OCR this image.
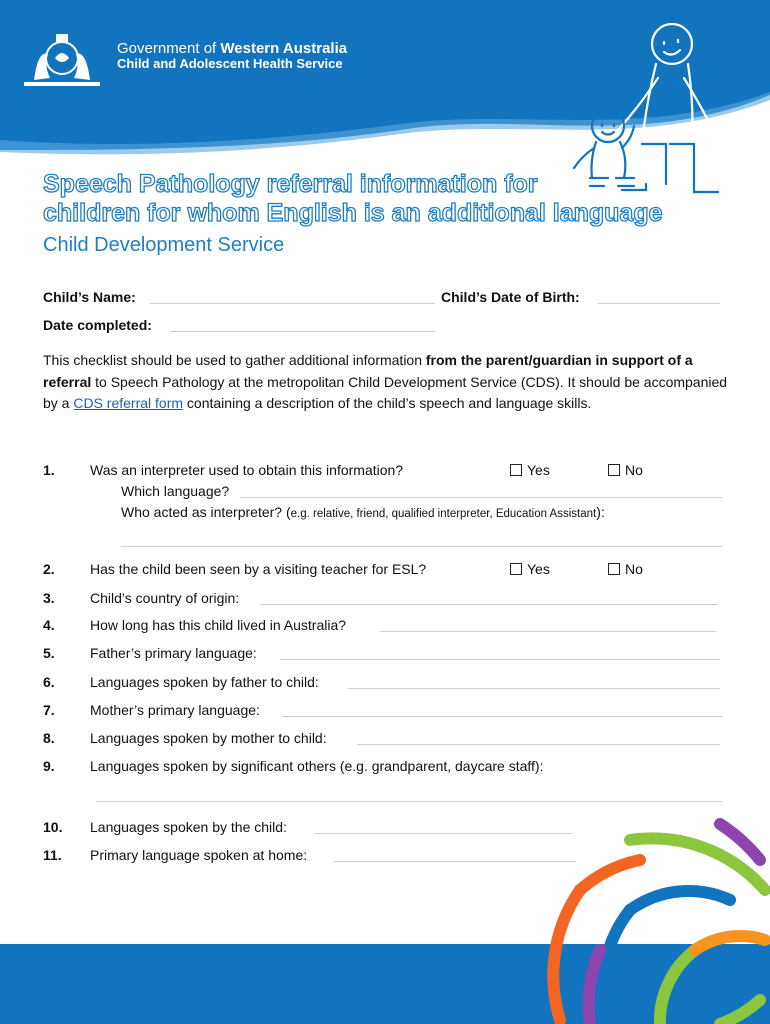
Government of Western Australia
Child and Adolescent Health Service
Speech Pathology referral information for
children for whom English is an additional language
Child Development Service
Child’s Name:	Child’s Date of Birth:
Date completed:
This checklist should be used to gather additional information from the parent/guardian in support of a referral to Speech Pathology at the metropolitan Child Development Service (CDS). It should be accompanied by a CDS referral form containing a description of the child’s speech and language skills.
1.	Was an interpreter used to obtain this information?	Yes	No
Which language?
Who acted as interpreter? (e.g. relative, friend, qualified interpreter, Education Assistant):
2.	Has the child been seen by a visiting teacher for ESL?	Yes	No
3.	Child’s country of origin:
4.	How long has this child lived in Australia?
5.	Father’s primary language:
6.	Languages spoken by father to child:
7.	Mother’s primary language:
8.	Languages spoken by mother to child:
9.	Languages spoken by significant others (e.g. grandparent, daycare staff):
10. Languages spoken by the child:
11. Primary language spoken at home:
